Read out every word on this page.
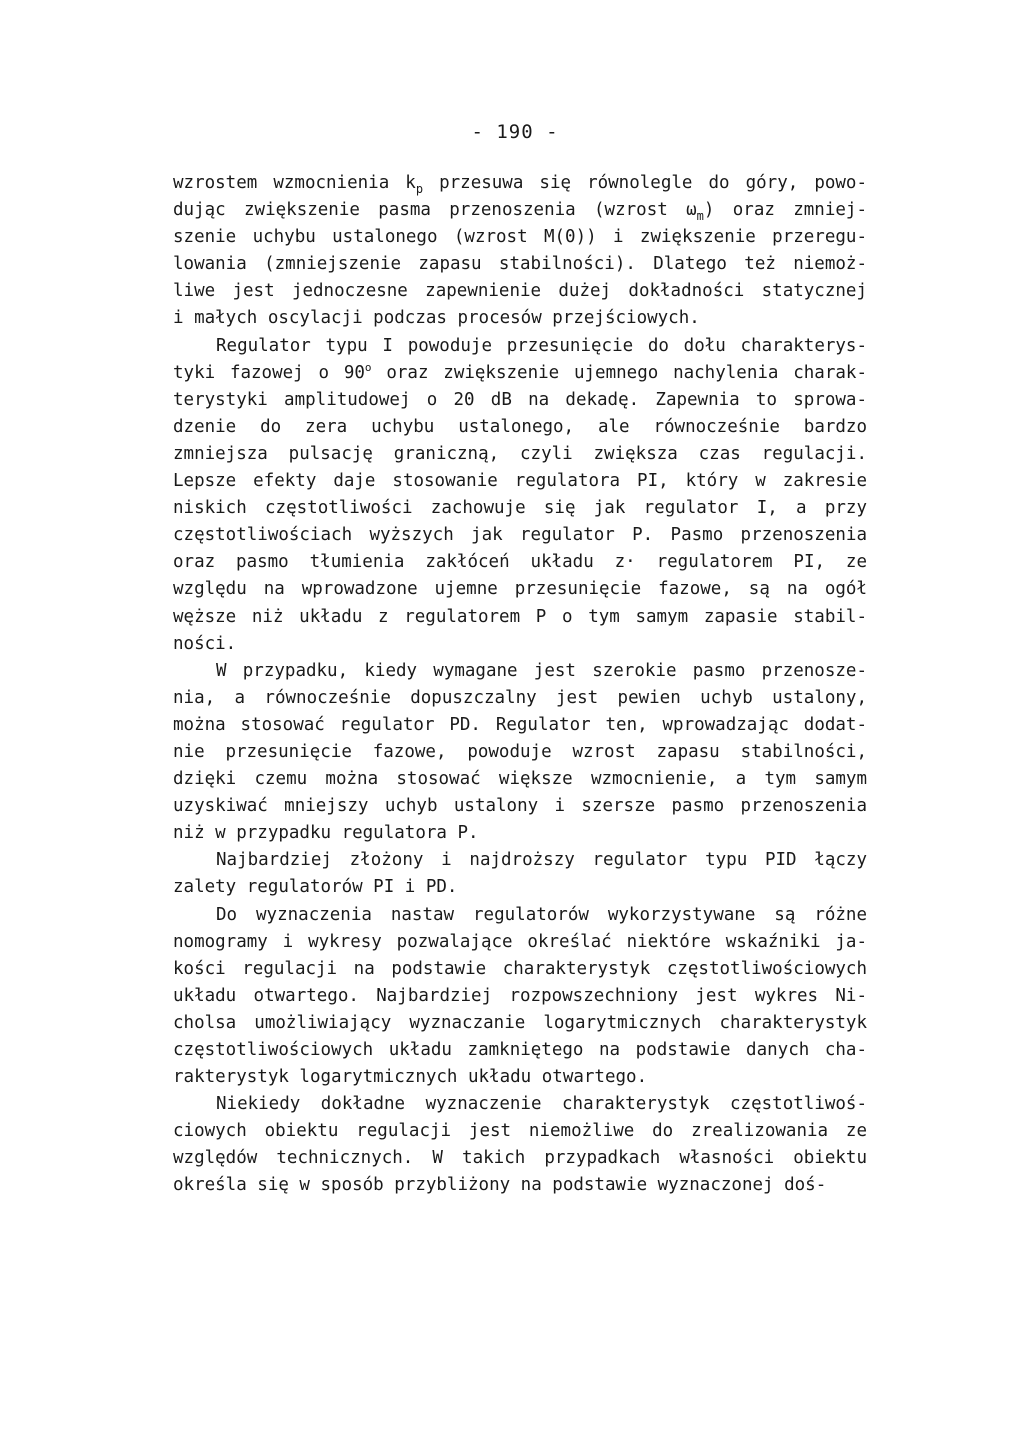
- 190 -

wzrostem wzmocnienia $k_p$ przesuwa się równolegle do góry, powo-
dując zwiększenie pasma przenoszenia (wzrost $\omega_m$) oraz zmniej-
szenie uchybu ustalonego (wzrost M(0)) i zwiększenie przeregu-
lowania (zmniejszenie zapasu stabilności). Dlatego też niemoż-
liwe jest jednoczesne zapewnienie dużej dokładności statycznej
i małych oscylacji podczas procesów przejściowych.

Regulator typu I powoduje przesunięcie do dołu charakterys-
tyki fazowej o 90$^o$ oraz zwiększenie ujemnego nachylenia charak-
terystyki amplitudowej o 20 dB na dekadę. Zapewnia to sprowa-
dzenie do zera uchybu ustalonego, ale równocześnie bardzo
zmniejsza pulsację graniczną, czyli zwiększa czas regulacji.
Lepsze efekty daje stosowanie regulatora PI, który w zakresie
niskich częstotliwości zachowuje się jak regulator I, a przy
częstotliwościach wyższych jak regulator P. Pasmo przenoszenia
oraz pasmo tłumienia zakłóceń układu z· regulatorem PI, ze
względu na wprowadzone ujemne przesunięcie fazowe, są na ogół
węższe niż układu z regulatorem P o tym samym zapasie stabil-
ności.

W przypadku, kiedy wymagane jest szerokie pasmo przenosze-
nia, a równocześnie dopuszczalny jest pewien uchyb ustalony,
można stosować regulator PD. Regulator ten, wprowadzając dodat-
nie przesunięcie fazowe, powoduje wzrost zapasu stabilności,
dzięki czemu można stosować większe wzmocnienie, a tym samym
uzyskiwać mniejszy uchyb ustalony i szersze pasmo przenoszenia
niż w przypadku regulatora P.

Najbardziej złożony i najdroższy regulator typu PID łączy
zalety regulatorów PI i PD.

Do wyznaczenia nastaw regulatorów wykorzystywane są różne
nomogramy i wykresy pozwalające określać niektóre wskaźniki ja-
kości regulacji na podstawie charakterystyk częstotliwościowych
układu otwartego. Najbardziej rozpowszechniony jest wykres Ni-
cholsa umożliwiający wyznaczanie logarytmicznych charakterystyk
częstotliwościowych układu zamkniętego na podstawie danych cha-
rakterystyk logarytmicznych układu otwartego.

Niekiedy dokładne wyznaczenie charakterystyk częstotliwoś-
ciowych obiektu regulacji jest niemożliwe do zrealizowania ze
względów technicznych. W takich przypadkach własności obiektu
określa się w sposób przybliżony na podstawie wyznaczonej doś-
